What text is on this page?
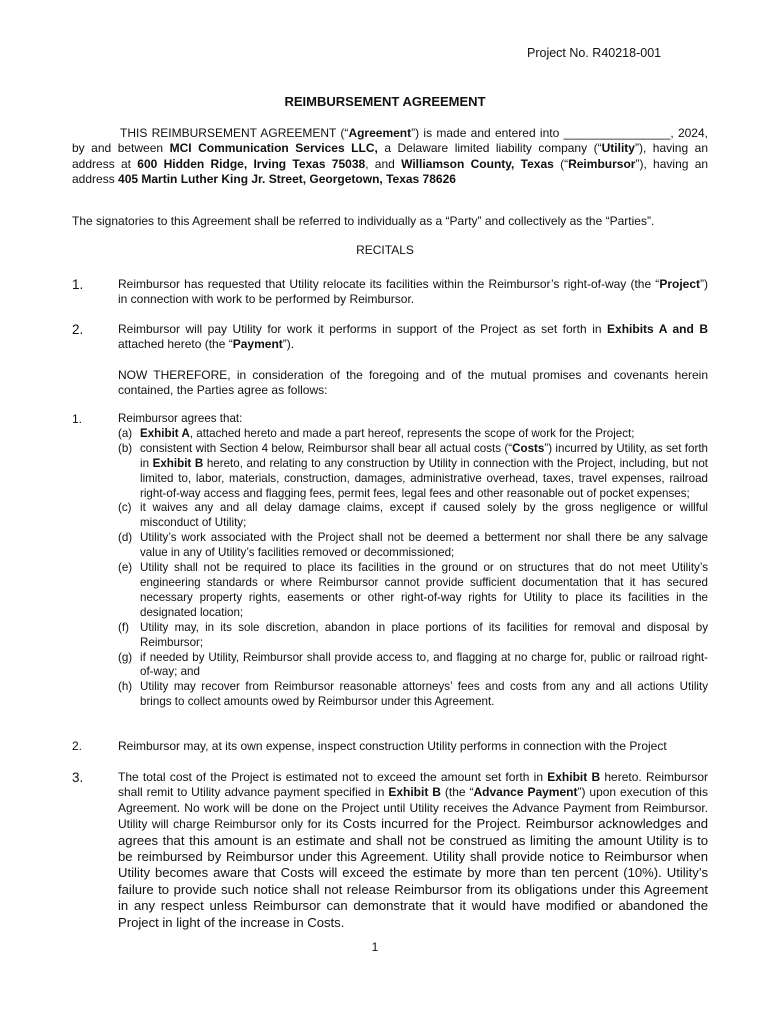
Project No. R40218-001
REIMBURSEMENT AGREEMENT
THIS REIMBURSEMENT AGREEMENT (“Agreement”) is made and entered into ________________, 2024, by and between MCI Communication Services LLC, a Delaware limited liability company (“Utility”), having an address at 600 Hidden Ridge, Irving Texas 75038, and Williamson County, Texas (“Reimbursor”), having an address 405 Martin Luther King Jr. Street, Georgetown, Texas 78626
The signatories to this Agreement shall be referred to individually as a “Party” and collectively as the “Parties”.
RECITALS
1.	Reimbursor has requested that Utility relocate its facilities within the Reimbursor’s right-of-way (the “Project”) in connection with work to be performed by Reimbursor.
2.	Reimbursor will pay Utility for work it performs in support of the Project as set forth in Exhibits A and B attached hereto (the “Payment”).
NOW THEREFORE, in consideration of the foregoing and of the mutual promises and covenants herein contained, the Parties agree as follows:
1.	Reimbursor agrees that:
(a) Exhibit A, attached hereto and made a part hereof, represents the scope of work for the Project;
(b) consistent with Section 4 below, Reimbursor shall bear all actual costs (“Costs”) incurred by Utility, as set forth in Exhibit B hereto, and relating to any construction by Utility in connection with the Project, including, but not limited to, labor, materials, construction, damages, administrative overhead, taxes, travel expenses, railroad right-of-way access and flagging fees, permit fees, legal fees and other reasonable out of pocket expenses;
(c) it waives any and all delay damage claims, except if caused solely by the gross negligence or willful misconduct of Utility;
(d) Utility’s work associated with the Project shall not be deemed a betterment nor shall there be any salvage value in any of Utility’s facilities removed or decommissioned;
(e) Utility shall not be required to place its facilities in the ground or on structures that do not meet Utility’s engineering standards or where Reimbursor cannot provide sufficient documentation that it has secured necessary property rights, easements or other right-of-way rights for Utility to place its facilities in the designated location;
(f) Utility may, in its sole discretion, abandon in place portions of its facilities for removal and disposal by Reimbursor;
(g) if needed by Utility, Reimbursor shall provide access to, and flagging at no charge for, public or railroad right-of-way; and
(h) Utility may recover from Reimbursor reasonable attorneys’ fees and costs from any and all actions Utility brings to collect amounts owed by Reimbursor under this Agreement.
2.	Reimbursor may, at its own expense, inspect construction Utility performs in connection with the Project
3.	The total cost of the Project is estimated not to exceed the amount set forth in Exhibit B hereto. Reimbursor shall remit to Utility advance payment specified in Exhibit B (the “Advance Payment”) upon execution of this Agreement. No work will be done on the Project until Utility receives the Advance Payment from Reimbursor. Utility will charge Reimbursor only for its Costs incurred for the Project. Reimbursor acknowledges and agrees that this amount is an estimate and shall not be construed as limiting the amount Utility is to be reimbursed by Reimbursor under this Agreement. Utility shall provide notice to Reimbursor when Utility becomes aware that Costs will exceed the estimate by more than ten percent (10%). Utility’s failure to provide such notice shall not release Reimbursor from its obligations under this Agreement in any respect unless Reimbursor can demonstrate that it would have modified or abandoned the Project in light of the increase in Costs.
1
